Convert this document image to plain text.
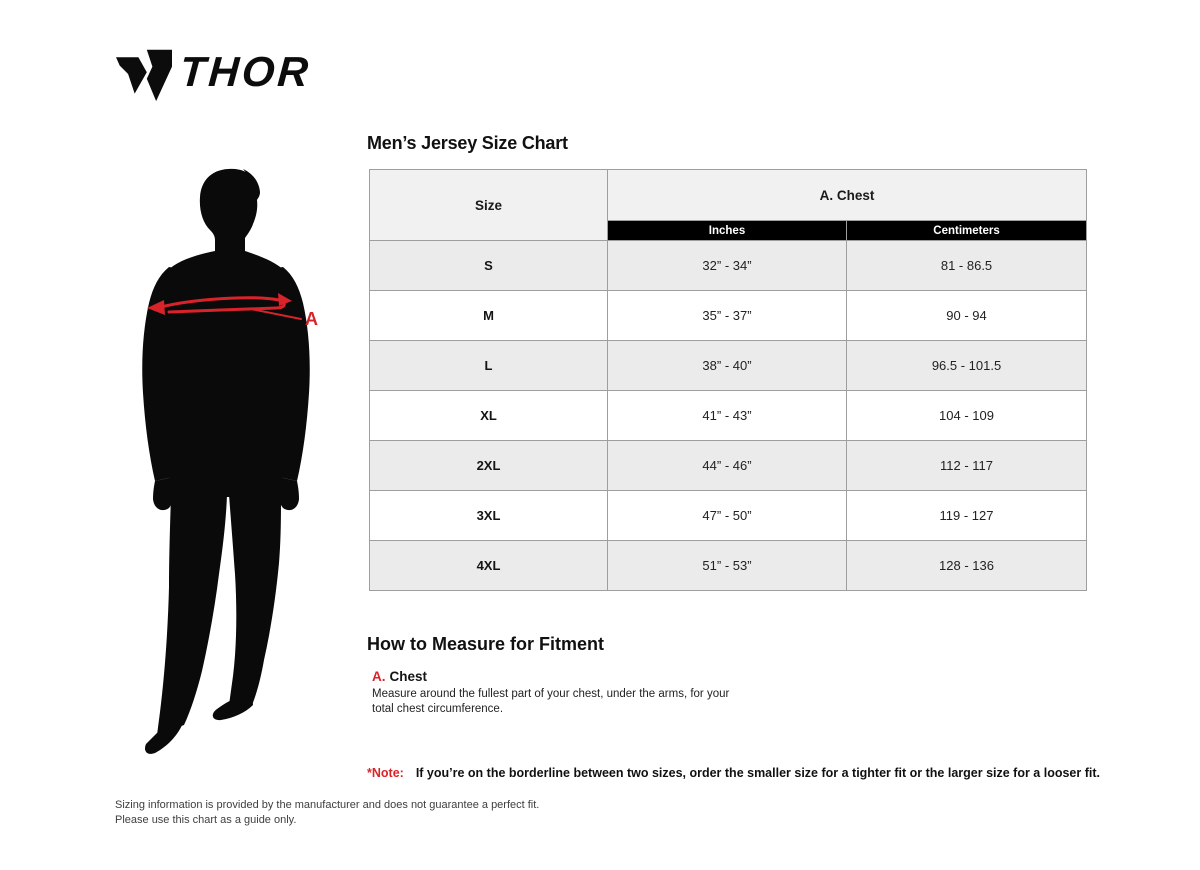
THOR
A
Men’s Jersey Size Chart
Size	A. Chest	
	Inches	Centimeters
S	32” - 34”	81 - 86.5
M	35” - 37”	90 - 94
L	38” - 40”	96.5 - 101.5
XL	41” - 43”	104 - 109
2XL	44” - 46”	112 - 117
3XL	47” - 50”	119 - 127
4XL	51” - 53”	128 - 136
How to Measure for Fitment
A. Chest
Measure around the fullest part of your chest, under the arms, for your
total chest circumference.
*Note: If you’re on the borderline between two sizes, order the smaller size for a tighter fit or the larger size for a looser fit.
Sizing information is provided by the manufacturer and does not guarantee a perfect fit.
Please use this chart as a guide only.
